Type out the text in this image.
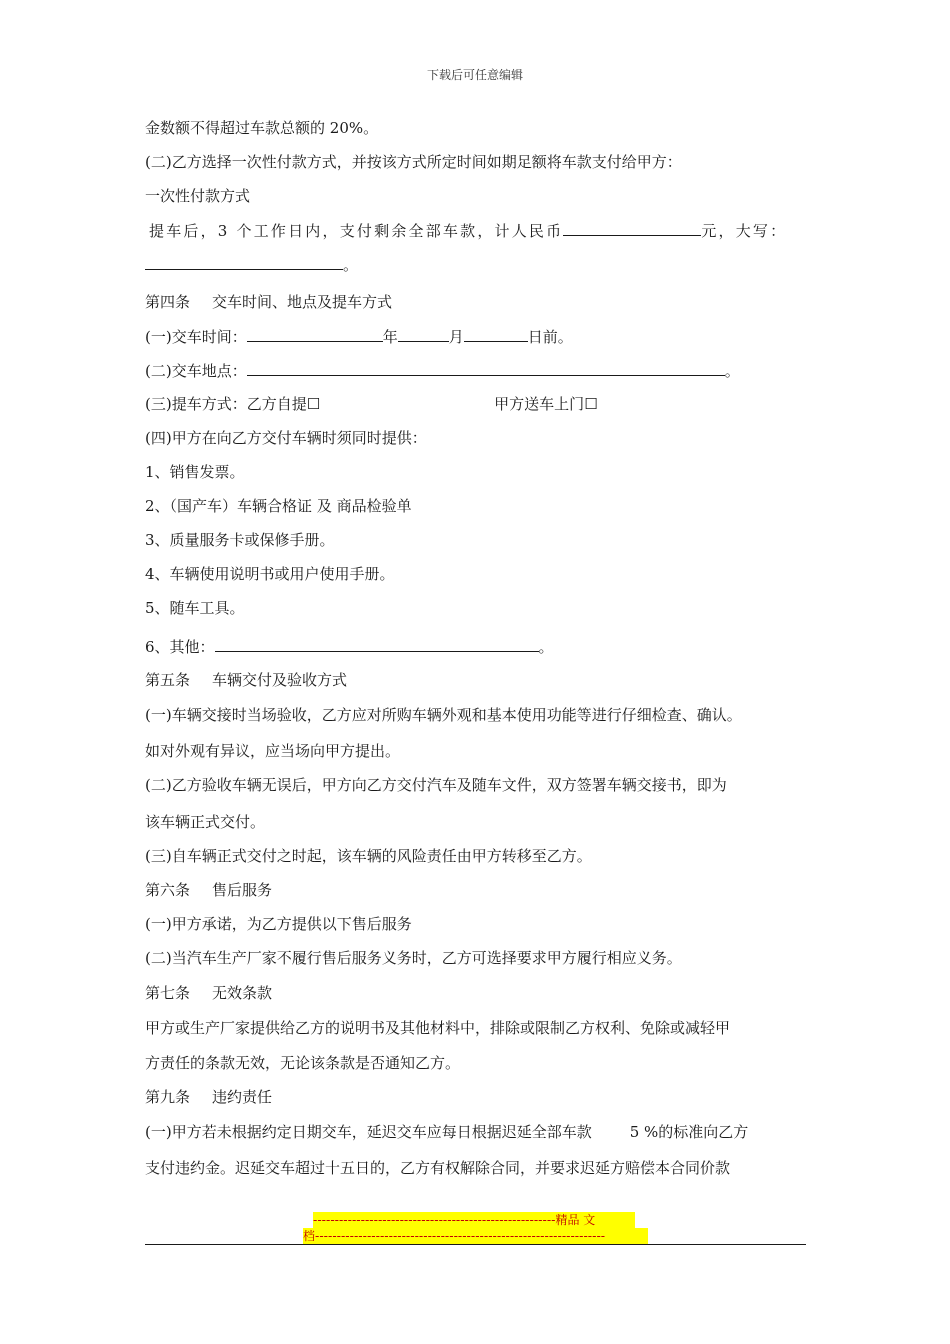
下载后可任意编辑
金数额不得超过车款总额的 20%。
(二)乙方选择一次性付款方式，并按该方式所定时间如期足额将车款支付给甲方：
一次性付款方式
提车后，3 个工作日内，支付剩余全部车款，计人民币	元，大写：
。
第四条 交车时间、地点及提车方式
(一)交车时间：	年	月	日前。
(二)交车地点：	。
(三)提车方式：乙方自提☐	甲方送车上门☐
(四)甲方在向乙方交付车辆时须同时提供：
1、销售发票。
2、（国产车）车辆合格证 及 商品检验单
3、质量服务卡或保修手册。
4、车辆使用说明书或用户使用手册。
5、随车工具。
6、其他：	。
第五条 车辆交付及验收方式
(一)车辆交接时当场验收，乙方应对所购车辆外观和基本使用功能等进行仔细检查、确认。
如对外观有异议，应当场向甲方提出。
(二)乙方验收车辆无误后，甲方向乙方交付汽车及随车文件，双方签署车辆交接书，即为
该车辆正式交付。
(三)自车辆正式交付之时起，该车辆的风险责任由甲方转移至乙方。
第六条 售后服务
(一)甲方承诺，为乙方提供以下售后服务
(二)当汽车生产厂家不履行售后服务义务时，乙方可选择要求甲方履行相应义务。
第七条 无效条款
甲方或生产厂家提供给乙方的说明书及其他材料中，排除或限制乙方权利、免除或减轻甲
方责任的条款无效，无论该条款是否通知乙方。
第九条 违约责任
(一)甲方若未根据约定日期交车，延迟交车应每日根据迟延全部车款	5 %的标准向乙方
支付违约金。迟延交车超过十五日的，乙方有权解除合同，并要求迟延方赔偿本合同价款
--------------------------------------------------------精品 文
档-------------------------------------------------------------------
